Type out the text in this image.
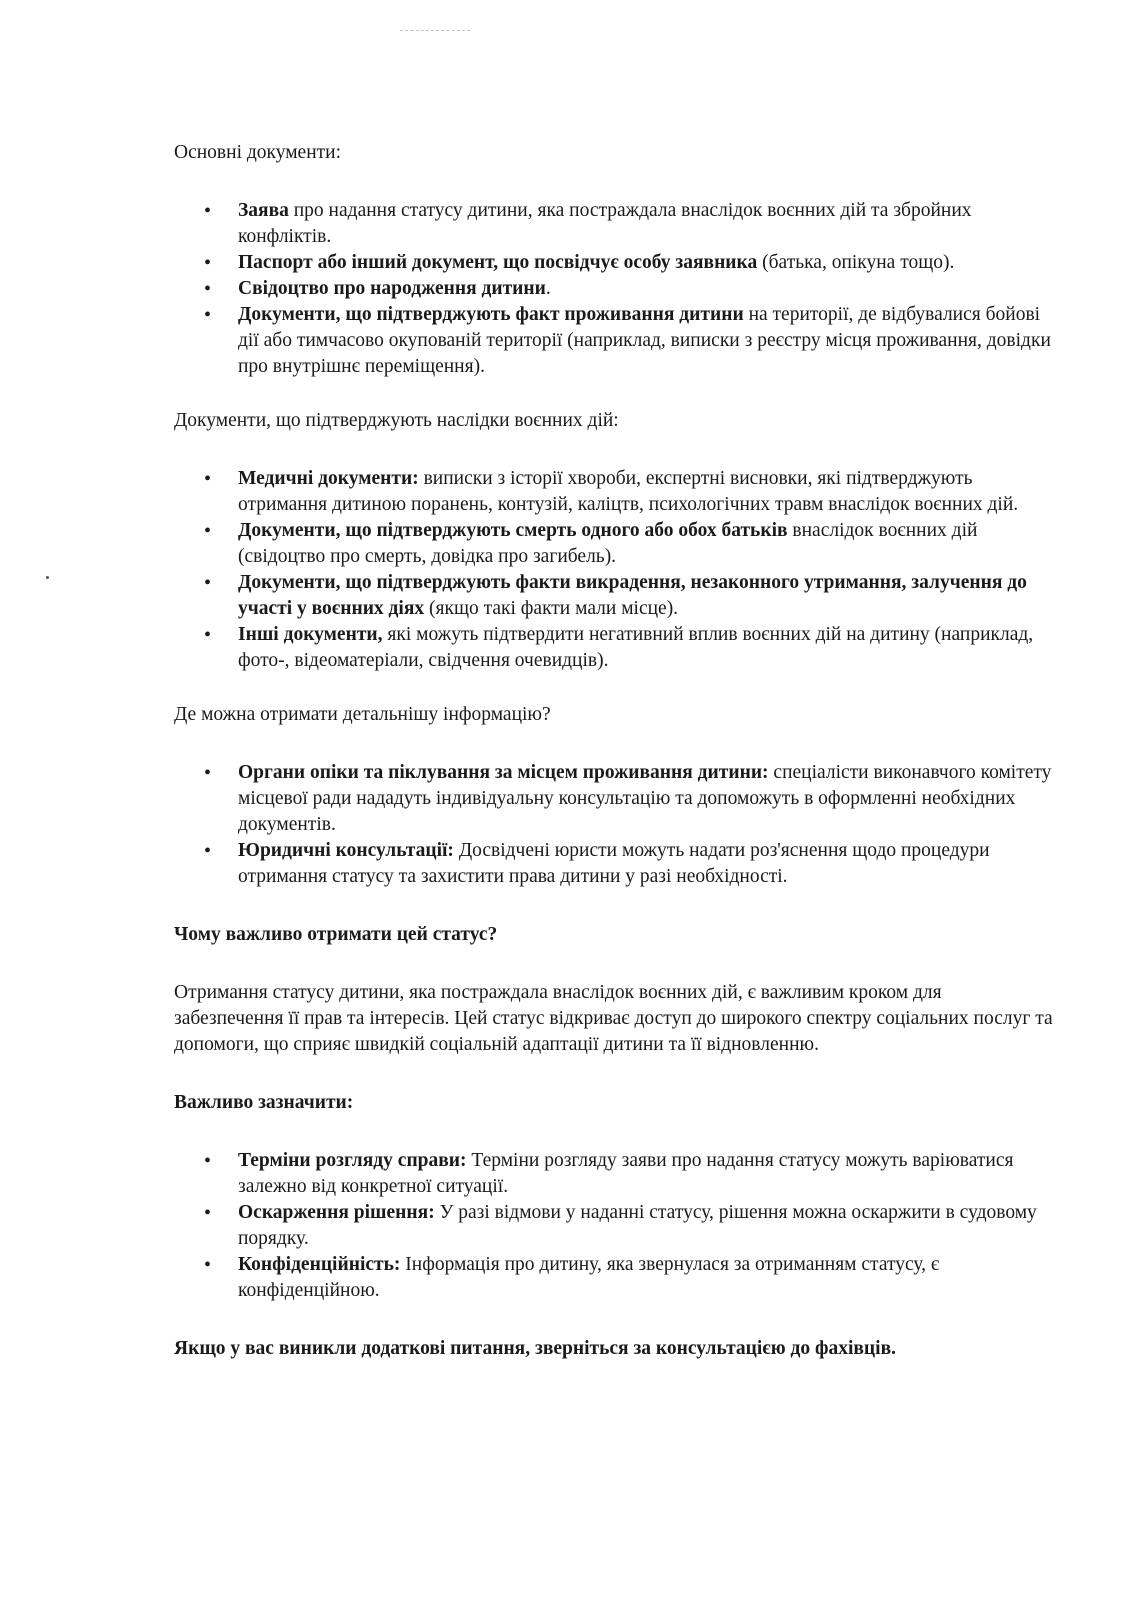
Основні документи:

• Заява про надання статусу дитини, яка постраждала внаслідок воєнних дій та збройних конфліктів.
• Паспорт або інший документ, що посвідчує особу заявника (батька, опікуна тощо).
• Свідоцтво про народження дитини.
• Документи, що підтверджують факт проживання дитини на території, де відбувалися бойові дії або тимчасово окупованій території (наприклад, виписки з реєстру місця проживання, довідки про внутрішнє переміщення).

Документи, що підтверджують наслідки воєнних дій:

• Медичні документи: виписки з історії хвороби, експертні висновки, які підтверджують отримання дитиною поранень, контузій, каліцтв, психологічних травм внаслідок воєнних дій.
• Документи, що підтверджують смерть одного або обох батьків внаслідок воєнних дій (свідоцтво про смерть, довідка про загибель).
• Документи, що підтверджують факти викрадення, незаконного утримання, залучення до участі у воєнних діях (якщо такі факти мали місце).
• Інші документи, які можуть підтвердити негативний вплив воєнних дій на дитину (наприклад, фото-, відеоматеріали, свідчення очевидців).

Де можна отримати детальнішу інформацію?

• Органи опіки та піклування за місцем проживання дитини: спеціалісти виконавчого комітету місцевої ради нададуть індивідуальну консультацію та допоможуть в оформленні необхідних документів.
• Юридичні консультації: Досвідчені юристи можуть надати роз'яснення щодо процедури отримання статусу та захистити права дитини у разі необхідності.

Чому важливо отримати цей статус?

Отримання статусу дитини, яка постраждала внаслідок воєнних дій, є важливим кроком для забезпечення її прав та інтересів. Цей статус відкриває доступ до широкого спектру соціальних послуг та допомоги, що сприяє швидкій соціальній адаптації дитини та її відновленню.

Важливо зазначити:

• Терміни розгляду справи: Терміни розгляду заяви про надання статусу можуть варіюватися залежно від конкретної ситуації.
• Оскарження рішення: У разі відмови у наданні статусу, рішення можна оскаржити в судовому порядку.
• Конфіденційність: Інформація про дитину, яка звернулася за отриманням статусу, є конфіденційною.

Якщо у вас виникли додаткові питання, зверніться за консультацією до фахівців.
